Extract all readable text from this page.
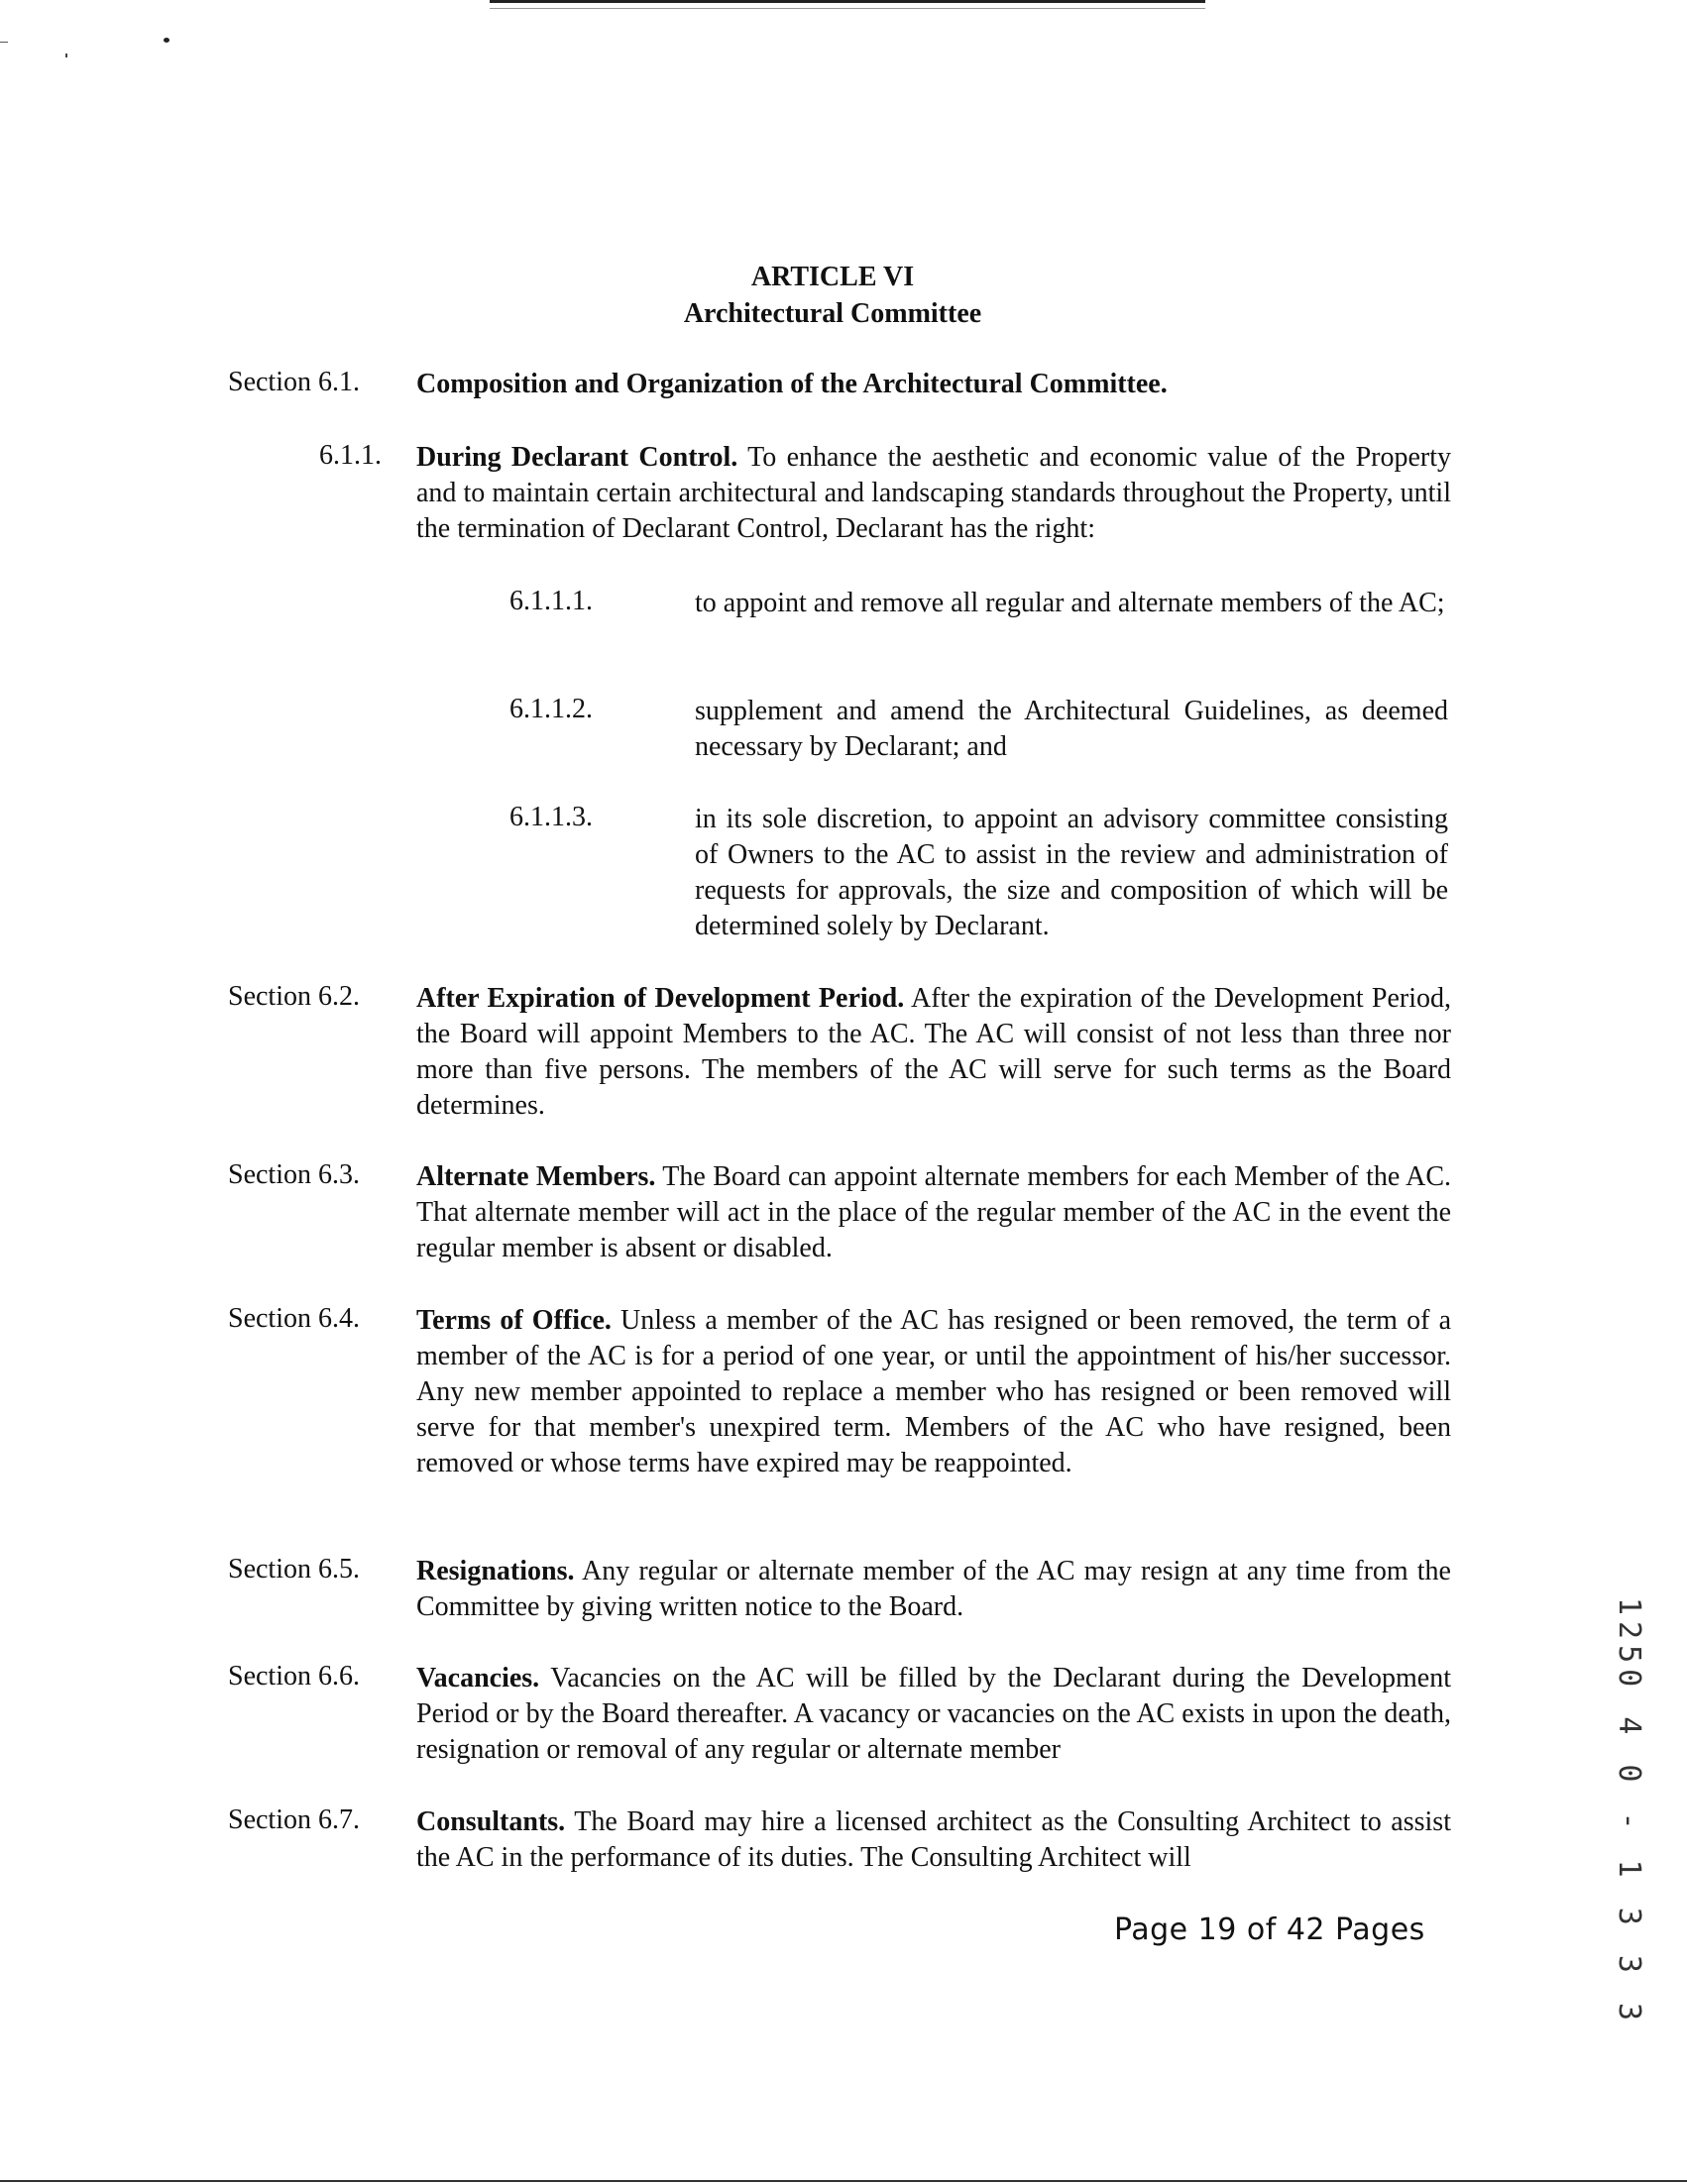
ARTICLE VI
Architectural Committee
Section 6.1. Composition and Organization of the Architectural Committee.
6.1.1. During Declarant Control. To enhance the aesthetic and economic value of the Property and to maintain certain architectural and landscaping standards throughout the Property, until the termination of Declarant Control, Declarant has the right:
6.1.1.1.	to appoint and remove all regular and alternate members of the AC;
6.1.1.2.	supplement and amend the Architectural Guidelines, as deemed necessary by Declarant; and
6.1.1.3.	in its sole discretion, to appoint an advisory committee consisting of Owners to the AC to assist in the review and administration of requests for approvals, the size and composition of which will be determined solely by Declarant.
Section 6.2. After Expiration of Development Period. After the expiration of the Development Period, the Board will appoint Members to the AC. The AC will consist of not less than three nor more than five persons. The members of the AC will serve for such terms as the Board determines.
Section 6.3. Alternate Members. The Board can appoint alternate members for each Member of the AC. That alternate member will act in the place of the regular member of the AC in the event the regular member is absent or disabled.
Section 6.4. Terms of Office. Unless a member of the AC has resigned or been removed, the term of a member of the AC is for a period of one year, or until the appointment of his/her successor. Any new member appointed to replace a member who has resigned or been removed will serve for that member's unexpired term. Members of the AC who have resigned, been removed or whose terms have expired may be reappointed.
Section 6.5. Resignations. Any regular or alternate member of the AC may resign at any time from the Committee by giving written notice to the Board.
Section 6.6. Vacancies. Vacancies on the AC will be filled by the Declarant during the Development Period or by the Board thereafter. A vacancy or vacancies on the AC exists in upon the death, resignation or removal of any regular or alternate member
Section 6.7. Consultants. The Board may hire a licensed architect as the Consulting Architect to assist the AC in the performance of its duties. The Consulting Architect will
Page 19 of 42 Pages	1250 4 0 - 1 3 3 3
